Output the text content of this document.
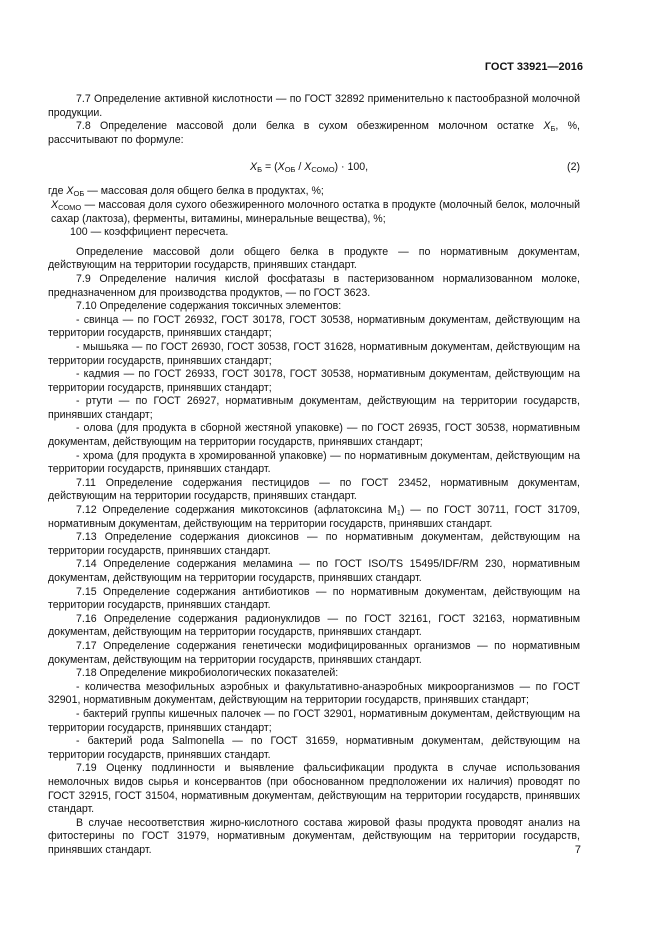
ГОСТ 33921—2016

7.7 Определение активной кислотности — по ГОСТ 32892 применительно к пастообразной молочной продукции.

7.8 Определение массовой доли белка в сухом обезжиренном молочном остатке $X_Б$, %, рассчитывают по формуле:

$X_Б = (X_{ОБ} / X_{СОМО}) \cdot 100$,	(2)

где $X_{ОБ}$ — массовая доля общего белка в продуктах, %;

$X_{СОМО}$ — массовая доля сухого обезжиренного молочного остатка в продукте (молочный белок, молочный сахар (лактоза), ферменты, витамины, минеральные вещества), %;

100 — коэффициент пересчета.

Определение массовой доли общего белка в продукте — по нормативным документам, действующим на территории государств, принявших стандарт.

7.9 Определение наличия кислой фосфатазы в пастеризованном нормализованном молоке, предназначенном для производства продуктов, — по ГОСТ 3623.

7.10 Определение содержания токсичных элементов:

- свинца — по ГОСТ 26932, ГОСТ 30178, ГОСТ 30538, нормативным документам, действующим на территории государств, принявших стандарт;

- мышьяка — по ГОСТ 26930, ГОСТ 30538, ГОСТ 31628, нормативным документам, действующим на территории государств, принявших стандарт;

- кадмия — по ГОСТ 26933, ГОСТ 30178, ГОСТ 30538, нормативным документам, действующим на территории государств, принявших стандарт;

- ртути — по ГОСТ 26927, нормативным документам, действующим на территории государств, принявших стандарт;

- олова (для продукта в сборной жестяной упаковке) — по ГОСТ 26935, ГОСТ 30538, нормативным документам, действующим на территории государств, принявших стандарт;

- хрома (для продукта в хромированной упаковке) — по нормативным документам, действующим на территории государств, принявших стандарт.

7.11 Определение содержания пестицидов — по ГОСТ 23452, нормативным документам, действующим на территории государств, принявших стандарт.

7.12 Определение содержания микотоксинов (афлатоксина $М_1$) — по ГОСТ 30711, ГОСТ 31709, нормативным документам, действующим на территории государств, принявших стандарт.

7.13 Определение содержания диоксинов — по нормативным документам, действующим на территории государств, принявших стандарт.

7.14 Определение содержания меламина — по ГОСТ ISO/TS 15495/IDF/RM 230, нормативным документам, действующим на территории государств, принявших стандарт.

7.15 Определение содержания антибиотиков — по нормативным документам, действующим на территории государств, принявших стандарт.

7.16 Определение содержания радионуклидов — по ГОСТ 32161, ГОСТ 32163, нормативным документам, действующим на территории государств, принявших стандарт.

7.17 Определение содержания генетически модифицированных организмов — по нормативным документам, действующим на территории государств, принявших стандарт.

7.18 Определение микробиологических показателей:

- количества мезофильных аэробных и факультативно-анаэробных микроорганизмов — по ГОСТ 32901, нормативным документам, действующим на территории государств, принявших стандарт;

- бактерий группы кишечных палочек — по ГОСТ 32901, нормативным документам, действующим на территории государств, принявших стандарт;

- бактерий рода Salmonella — по ГОСТ 31659, нормативным документам, действующим на территории государств, принявших стандарт.

7.19 Оценку подлинности и выявление фальсификации продукта в случае использования немолочных видов сырья и консервантов (при обоснованном предположении их наличия) проводят по ГОСТ 32915, ГОСТ 31504, нормативным документам, действующим на территории государств, принявших стандарт.

В случае несоответствия жирно-кислотного состава жировой фазы продукта проводят анализ на фитостерины по ГОСТ 31979, нормативным документам, действующим на территории государств, принявших стандарт.	7
